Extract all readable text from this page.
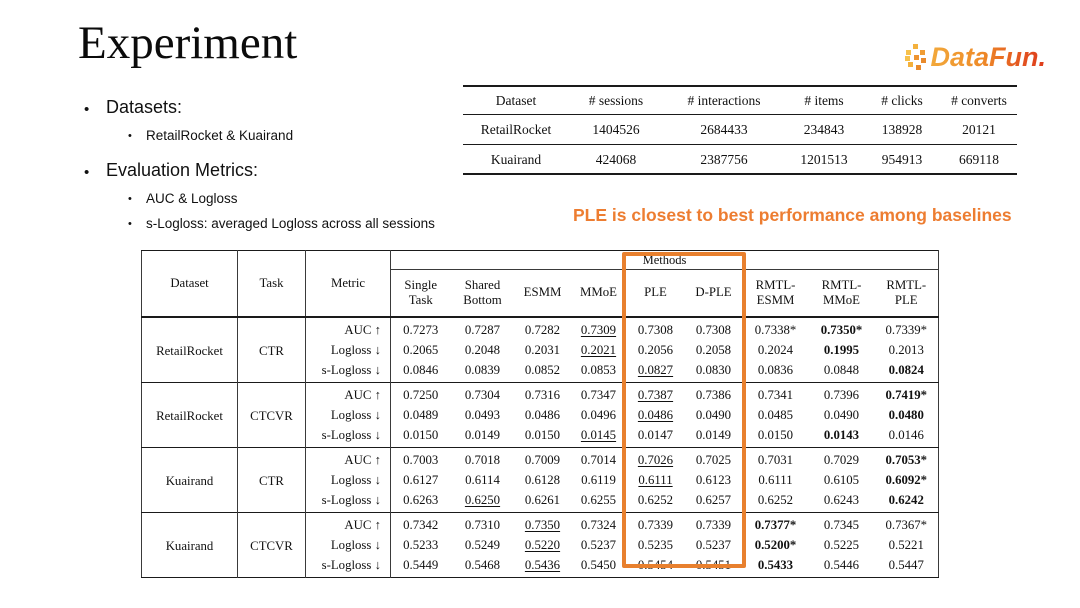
Experiment	DataFun.
Dataset	# sessions	# interactions	# items	# clicks	# converts
RetailRocket	1404526	2684433	234843	138928	20121
Kuairand	424068	2387756	1201513	954913	669118
• Datasets:
• RetailRocket & Kuairand
• Evaluation Metrics:
• AUC & Logloss
• s-Logloss: averaged Logloss across all sessions	PLE is closest to best performance among baselines
Dataset	Task	Metric	Methods								
			Single Task	Shared Bottom	ESMM	MMoE	PLE	D-PLE	RMTL-ESMM	RMTL-MMoE	RMTL-PLE
RetailRocket	CTR	AUC ↑	0.7273	0.7287	0.7282	0.7309	0.7308	0.7308	0.7338*	0.7350*	0.7339*
		Logloss ↓	0.2065	0.2048	0.2031	0.2021	0.2056	0.2058	0.2024	0.1995	0.2013
		s-Logloss ↓	0.0846	0.0839	0.0852	0.0853	0.0827	0.0830	0.0836	0.0848	0.0824
RetailRocket	CTCVR	AUC ↑	0.7250	0.7304	0.7316	0.7347	0.7387	0.7386	0.7341	0.7396	0.7419*
		Logloss ↓	0.0489	0.0493	0.0486	0.0496	0.0486	0.0490	0.0485	0.0490	0.0480
		s-Logloss ↓	0.0150	0.0149	0.0150	0.0145	0.0147	0.0149	0.0150	0.0143	0.0146
Kuairand	CTR	AUC ↑	0.7003	0.7018	0.7009	0.7014	0.7026	0.7025	0.7031	0.7029	0.7053*
		Logloss ↓	0.6127	0.6114	0.6128	0.6119	0.6111	0.6123	0.6111	0.6105	0.6092*
		s-Logloss ↓	0.6263	0.6250	0.6261	0.6255	0.6252	0.6257	0.6252	0.6243	0.6242
Kuairand	CTCVR	AUC ↑	0.7342	0.7310	0.7350	0.7324	0.7339	0.7339	0.7377*	0.7345	0.7367*
		Logloss ↓	0.5233	0.5249	0.5220	0.5237	0.5235	0.5237	0.5200*	0.5225	0.5221
		s-Logloss ↓	0.5449	0.5468	0.5436	0.5450	0.5454	0.5451	0.5433	0.5446	0.5447
